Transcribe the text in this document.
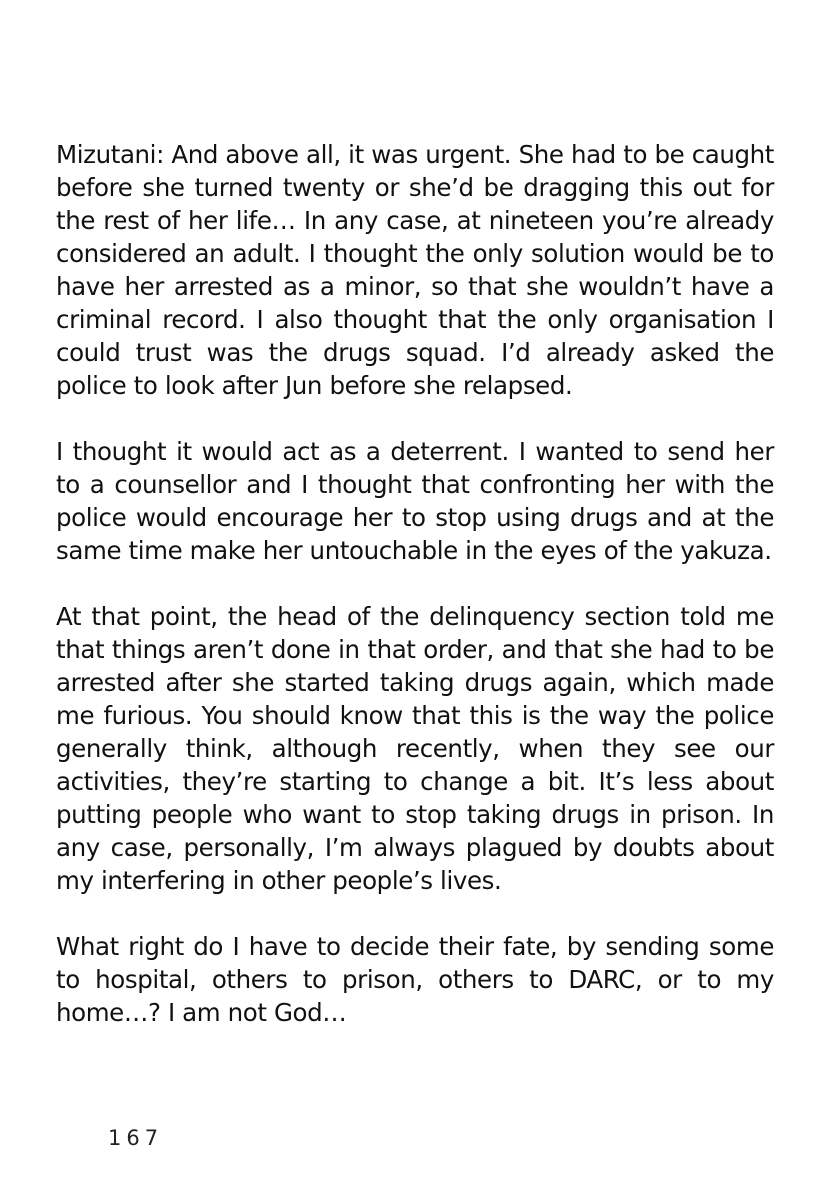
Mizutani: And above all, it was urgent. She had to be caught before she turned twenty or she’d be dragging this out for the rest of her life… In any case, at nineteen you’re already considered an adult. I thought the only solution would be to have her arrested as a minor, so that she wouldn’t have a criminal record. I also thought that the only organisation I could trust was the drugs squad. I’d already asked the police to look after Jun before she relapsed.

I thought it would act as a deterrent. I wanted to send her to a counsellor and I thought that confronting her with the police would encourage her to stop using drugs and at the same time make her untouchable in the eyes of the yakuza.

At that point, the head of the delinquency section told me that things aren’t done in that order, and that she had to be arrested after she started taking drugs again, which made me furious. You should know that this is the way the police generally think, although recently, when they see our activities, they’re starting to change a bit. It’s less about putting people who want to stop taking drugs in prison. In any case, personally, I’m always plagued by doubts about my interfering in other people’s lives.

What right do I have to decide their fate, by sending some to hospital, others to prison, others to DARC, or to my home…? I am not God…

167
